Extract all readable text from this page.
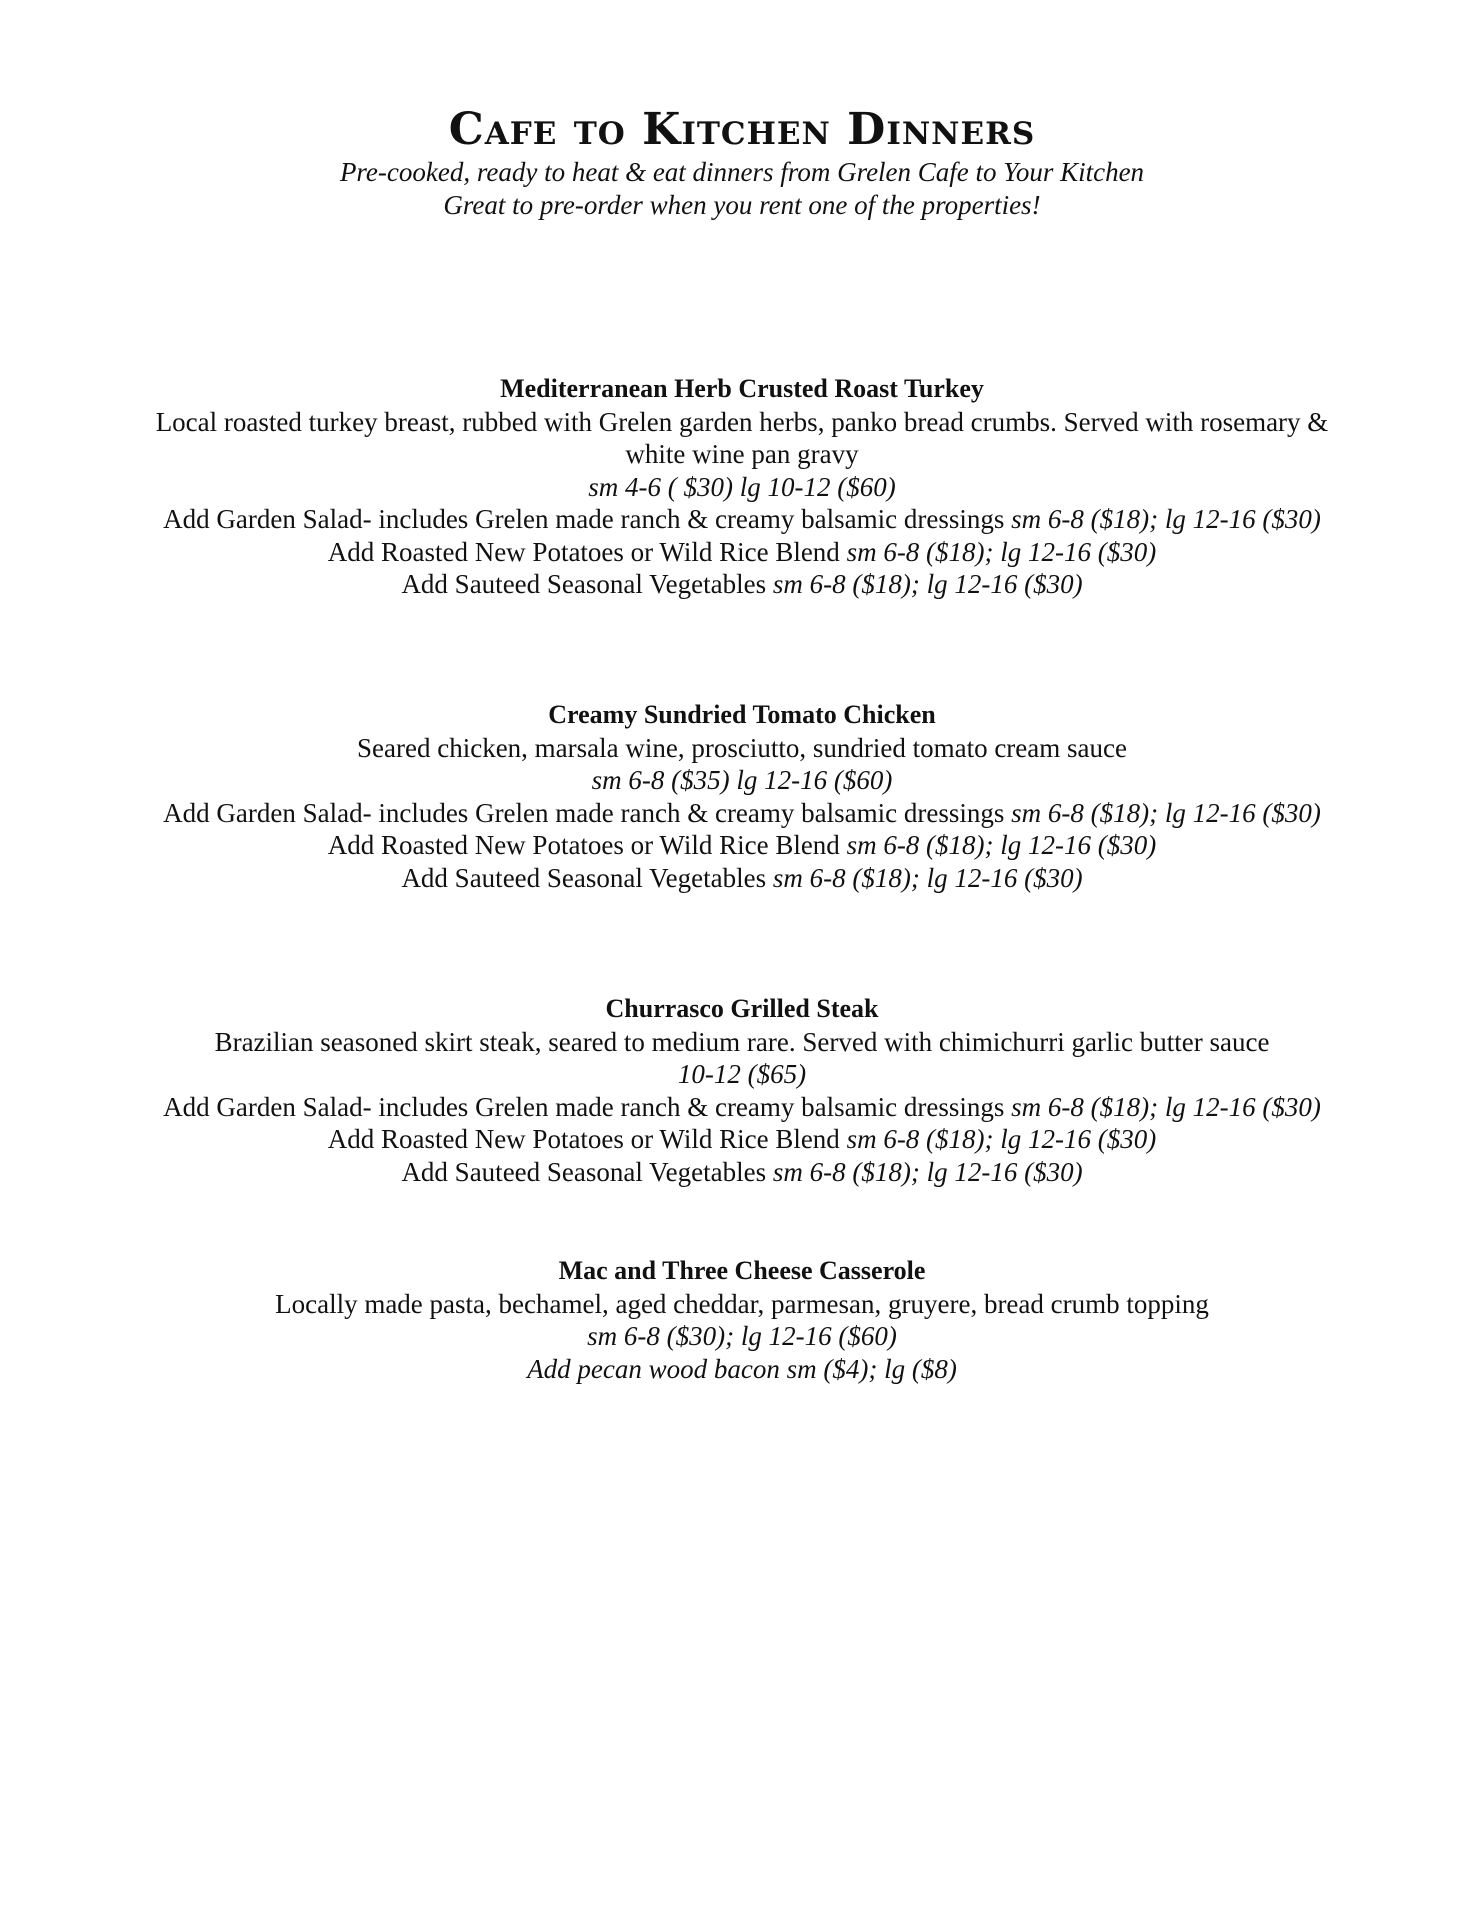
Cafe to Kitchen Dinners

Pre-cooked, ready to heat & eat dinners from Grelen Cafe to Your Kitchen

Great to pre-order when you rent one of the properties!

Mediterranean Herb Crusted Roast Turkey

Local roasted turkey breast, rubbed with Grelen garden herbs, panko bread crumbs. Served with rosemary &

white wine pan gravy

sm 4-6 ( $30) lg 10-12 ($60)

Add Garden Salad- includes Grelen made ranch & creamy balsamic dressings sm 6-8 ($18); lg 12-16 ($30)

Add Roasted New Potatoes or Wild Rice Blend sm 6-8 ($18); lg 12-16 ($30)

Add Sauteed Seasonal Vegetables sm 6-8 ($18); lg 12-16 ($30)

Creamy Sundried Tomato Chicken

Seared chicken, marsala wine, prosciutto, sundried tomato cream sauce

sm 6-8 ($35) lg 12-16 ($60)

Add Garden Salad- includes Grelen made ranch & creamy balsamic dressings sm 6-8 ($18); lg 12-16 ($30)

Add Roasted New Potatoes or Wild Rice Blend sm 6-8 ($18); lg 12-16 ($30)

Add Sauteed Seasonal Vegetables sm 6-8 ($18); lg 12-16 ($30)

Churrasco Grilled Steak

Brazilian seasoned skirt steak, seared to medium rare. Served with chimichurri garlic butter sauce

10-12 ($65)

Add Garden Salad- includes Grelen made ranch & creamy balsamic dressings sm 6-8 ($18); lg 12-16 ($30)

Add Roasted New Potatoes or Wild Rice Blend sm 6-8 ($18); lg 12-16 ($30)

Add Sauteed Seasonal Vegetables sm 6-8 ($18); lg 12-16 ($30)

Mac and Three Cheese Casserole

Locally made pasta, bechamel, aged cheddar, parmesan, gruyere, bread crumb topping

sm 6-8 ($30); lg 12-16 ($60)

Add pecan wood bacon sm ($4); lg ($8)
